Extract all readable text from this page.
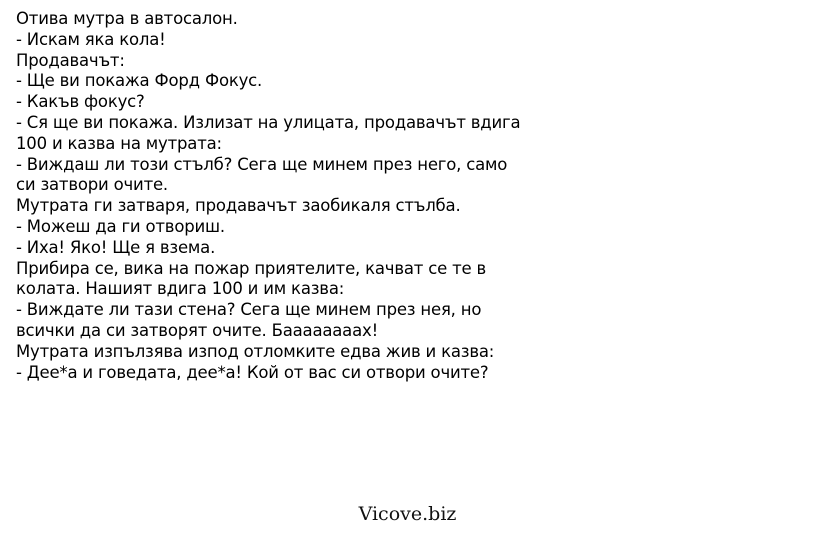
Отива мутра в автосалон.
- Искам яка кола!
Продавачът:
- Ще ви покажа Форд Фокус.
- Какъв фокус?
- Ся ще ви покажа. Излизат на улицата, продавачът вдига
100 и казва на мутрата:
- Виждаш ли този стълб? Сега ще минем през него, само
си затвори очите.
Мутрата ги затваря, продавачът заобикаля стълба.
- Можеш да ги отвориш.
- Иха! Яко! Ще я взема.
Прибира се, вика на пожар приятелите, качват се те в
колата. Нашият вдига 100 и им казва:
- Виждате ли тази стена? Сега ще минем през нея, но
всички да си затворят очите. Баааааааах!
Мутрата изпълзява изпод отломките едва жив и казва:
- Дее*а и говедата, дее*а! Кой от вас си отвори очите?
Vicove.biz
